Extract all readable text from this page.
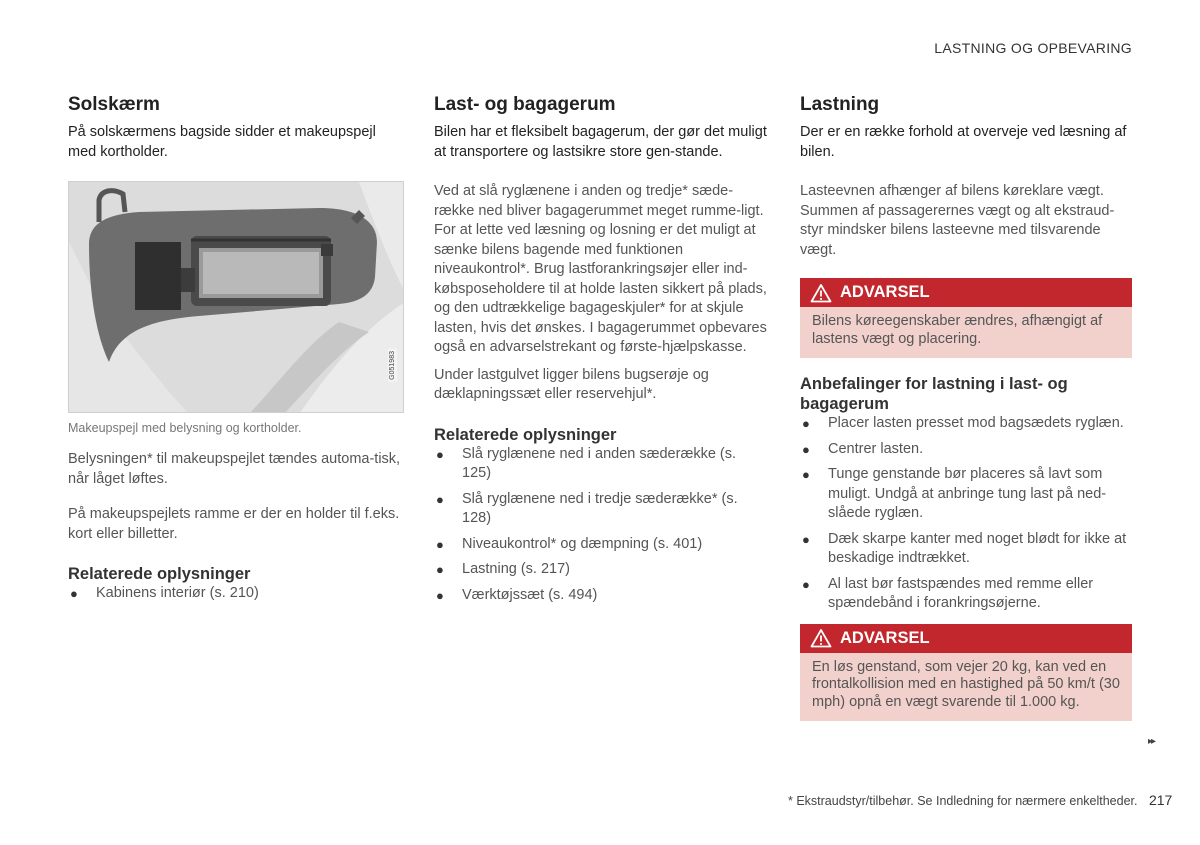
LASTNING OG OPBEVARING
Solskærm

På solskærmens bagside sidder et makeupspejl med kortholder.

G051983
Makeupspejl med belysning og kortholder.

Belysningen* til makeupspejlet tændes automa-tisk, når låget løftes.

På makeupspejlets ramme er der en holder til f.eks. kort eller billetter.

Relaterede oplysninger
● Kabinens interiør (s. 210)
Last- og bagagerum

Bilen har et fleksibelt bagagerum, der gør det muligt at transportere og lastsikre store gen-stande.

Ved at slå ryglænene i anden og tredje* sæde-række ned bliver bagagerummet meget rumme-ligt. For at lette ved læsning og losning er det muligt at sænke bilens bagende med funktionen niveaukontrol*. Brug lastforankringsøjer eller ind-købsposeholdere til at holde lasten sikkert på plads, og den udtrækkelige bagageskjuler* for at skjule lasten, hvis det ønskes. I bagagerummet opbevares også en advarselstrekant og første-hjælpskasse.

Under lastgulvet ligger bilens bugserøje og dæklapningssæt eller reservehjul*.

Relaterede oplysninger
● Slå ryglænene ned i anden sæderække (s. 125)
● Slå ryglænene ned i tredje sæderække* (s. 128)
● Niveaukontrol* og dæmpning (s. 401)
● Lastning (s. 217)
● Værktøjssæt (s. 494)
Lastning

Der er en række forhold at overveje ved læsning af bilen.

Lasteevnen afhænger af bilens køreklare vægt. Summen af passagerernes vægt og alt ekstraud-styr mindsker bilens lasteevne med tilsvarende vægt.

ADVARSEL
Bilens køreegenskaber ændres, afhængigt af lastens vægt og placering.
Anbefalinger for lastning i last- og bagagerum
● Placer lasten presset mod bagsædets ryglæn.
● Centrer lasten.
● Tunge genstande bør placeres så lavt som muligt. Undgå at anbringe tung last på ned-slåede ryglæn.
● Dæk skarpe kanter med noget blødt for ikke at beskadige indtrækket.
● Al last bør fastspændes med remme eller spændebånd i forankringsøjerne.
ADVARSEL
En løs genstand, som vejer 20 kg, kan ved en frontalkollision med en hastighed på 50 km/t (30 mph) opnå en vægt svarende til 1.000 kg.
▸▸
* Ekstraudstyr/tilbehør. Se Indledning for nærmere enkeltheder. 217
